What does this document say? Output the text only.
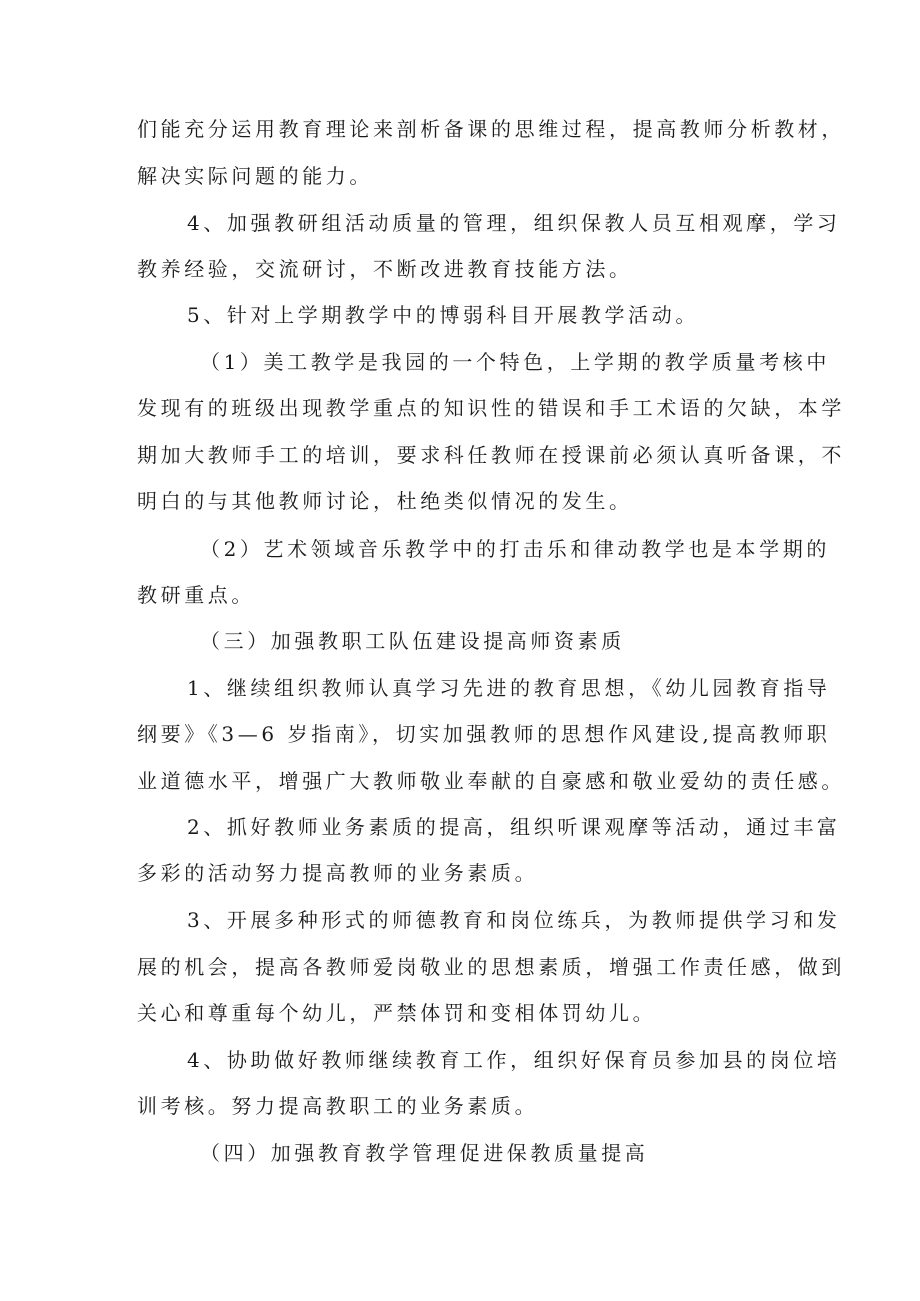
们能充分运用教育理论来剖析备课的思维过程，提高教师分析教材，
解决实际问题的能力。
4、加强教研组活动质量的管理，组织保教人员互相观摩，学习
教养经验，交流研讨，不断改进教育技能方法。
5、针对上学期教学中的博弱科目开展教学活动。
（1）美工教学是我园的一个特色，上学期的教学质量考核中
发现有的班级出现教学重点的知识性的错误和手工术语的欠缺，本学
期加大教师手工的培训，要求科任教师在授课前必须认真听备课，不
明白的与其他教师讨论，杜绝类似情况的发生。
（2）艺术领域音乐教学中的打击乐和律动教学也是本学期的
教研重点。
（三）加强教职工队伍建设提高师资素质
1、继续组织教师认真学习先进的教育思想，《幼儿园教育指导
纲要》《3—6 岁指南》，切实加强教师的思想作风建设,提高教师职
业道德水平，增强广大教师敬业奉献的自豪感和敬业爱幼的责任感。
2、抓好教师业务素质的提高，组织听课观摩等活动，通过丰富
多彩的活动努力提高教师的业务素质。
3、开展多种形式的师德教育和岗位练兵，为教师提供学习和发
展的机会，提高各教师爱岗敬业的思想素质，增强工作责任感，做到
关心和尊重每个幼儿，严禁体罚和变相体罚幼儿。
4、协助做好教师继续教育工作，组织好保育员参加县的岗位培
训考核。努力提高教职工的业务素质。
（四）加强教育教学管理促进保教质量提高
